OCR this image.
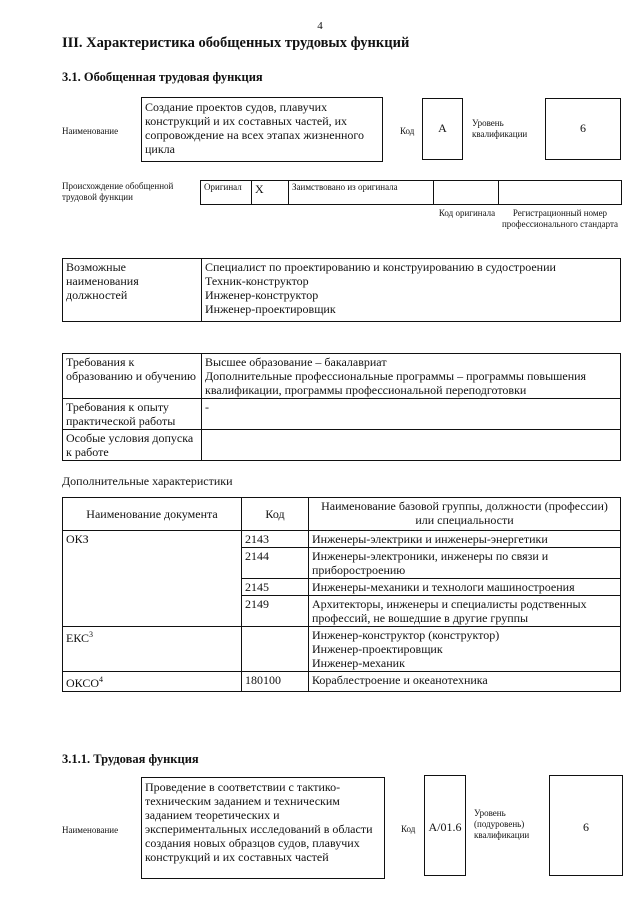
4
III. Характеристика обобщенных трудовых функций
3.1. Обобщенная трудовая функция
Наименование
Создание проектов судов, плавучих конструкций и их составных частей, их сопровождение на всех этапах жизненного цикла
Код	A	Уровень квалификации	6
Происхождение обобщенной трудовой функции
Оригинал	X	Заимствовано из оригинала		
Код оригинала	Регистрационный номер профессионального стандарта
Возможные наименования должностей	
Специалист по проектированию и конструированию в судостроении
Техник-конструктор
Инженер-конструктор
Инженер-проектировщик
Требования к образованию и обучению	Высшее образование – бакалавриат
Дополнительные профессиональные программы – программы повышения квалификации, программы профессиональной переподготовки

Требования к опыту практической работы	-
Особые условия допуска к работе	
Дополнительные характеристики
Наименование документа	Код	Наименование базовой группы, должности (профессии) или специальности
ОКЗ	2143	Инженеры-электрики и инженеры-энергетики
	2144	Инженеры-электроники, инженеры по связи и приборостроению
	2145	Инженеры-механики и технологи машиностроения
	2149	Архитекторы, инженеры и специалисты родственных профессий, не вошедшие в другие группы
ЕКС$^3$		Инженер-конструктор (конструктор)
Инженер-проектировщик
Инженер-механик

ОКСО$^4$	180100	Кораблестроение и океанотехника
3.1.1. Трудовая функция
Наименование
Проведение в соответствии с тактико-техническим заданием и техническим заданием теоретических и экспериментальных исследований в области создания новых образцов судов, плавучих конструкций и их составных частей
Код	A/01.6
Уровень (подуровень) квалификации
6
